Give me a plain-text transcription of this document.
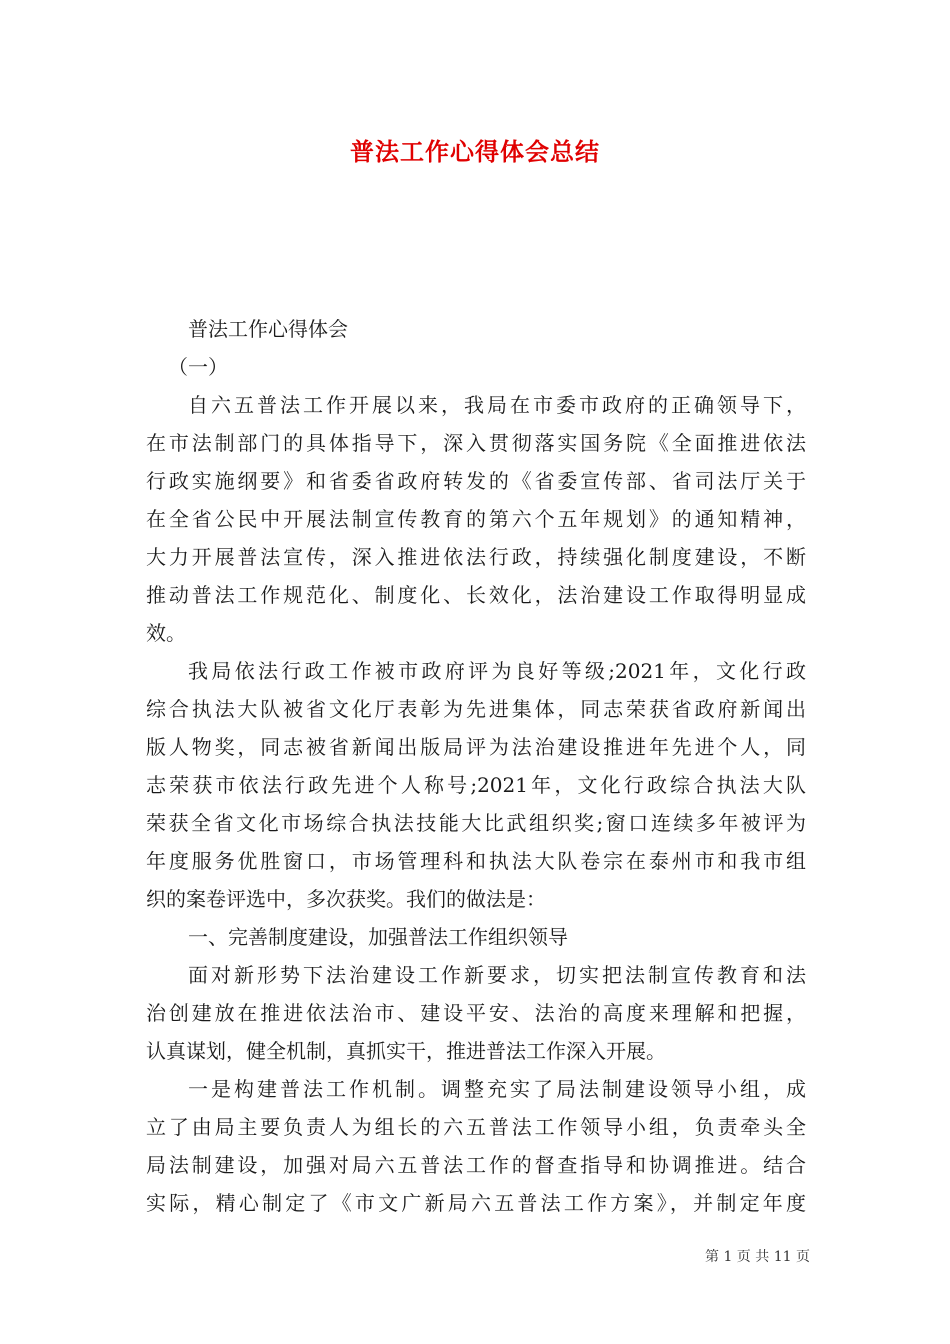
普法工作心得体会总结
普法工作心得体会
（一）
自六五普法工作开展以来，我局在市委市政府的正确领导下，
在市法制部门的具体指导下，深入贯彻落实国务院《全面推进依法
行政实施纲要》和省委省政府转发的《省委宣传部、省司法厅关于
在全省公民中开展法制宣传教育的第六个五年规划》的通知精神，
大力开展普法宣传，深入推进依法行政，持续强化制度建设，不断
推动普法工作规范化、制度化、长效化，法治建设工作取得明显成
效。
我局依法行政工作被市政府评为良好等级;2021年，文化行政
综合执法大队被省文化厅表彰为先进集体，同志荣获省政府新闻出
版人物奖，同志被省新闻出版局评为法治建设推进年先进个人，同
志荣获市依法行政先进个人称号;2021年，文化行政综合执法大队
荣获全省文化市场综合执法技能大比武组织奖;窗口连续多年被评为
年度服务优胜窗口，市场管理科和执法大队卷宗在泰州市和我市组
织的案卷评选中，多次获奖。我们的做法是：
一、完善制度建设，加强普法工作组织领导
面对新形势下法治建设工作新要求，切实把法制宣传教育和法
治创建放在推进依法治市、建设平安、法治的高度来理解和把握，
认真谋划，健全机制，真抓实干，推进普法工作深入开展。
一是构建普法工作机制。调整充实了局法制建设领导小组，成
立了由局主要负责人为组长的六五普法工作领导小组，负责牵头全
局法制建设，加强对局六五普法工作的督查指导和协调推进。结合
实际，精心制定了《市文广新局六五普法工作方案》，并制定年度
第 1 页 共 11 页
